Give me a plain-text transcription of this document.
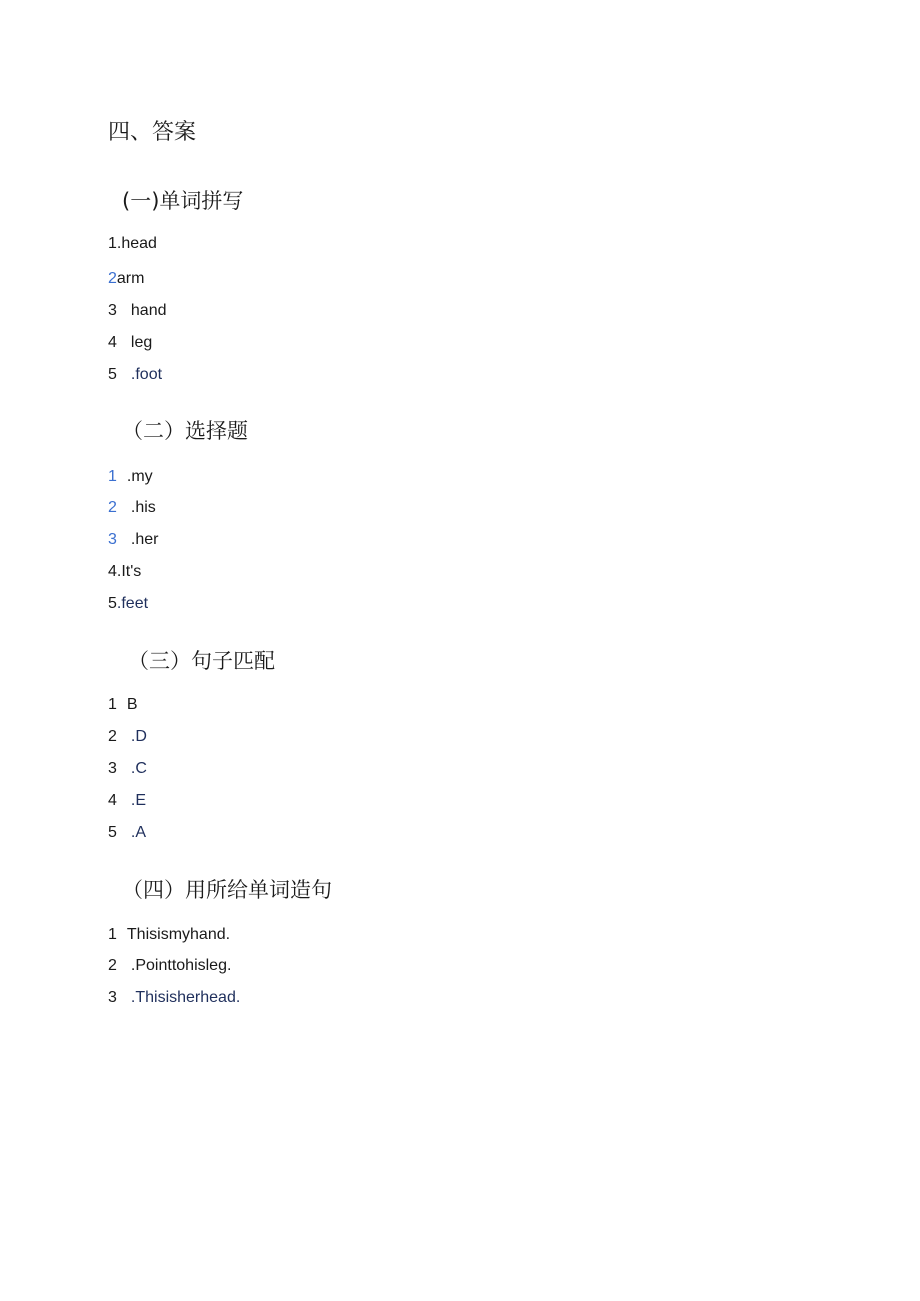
四、答案
(一)单词拼写
1.head
2arm
3 hand
4 leg
5 .foot
（二）选择题
1 .my
2 .his
3 .her
4.It's
5.feet
（三）句子匹配
1 B
2 .D
3 .C
4 .E
5 .A
（四）用所给单词造句
1 Thisismyhand.
2 .Pointtohisleg.
3 .Thisisherhead.
